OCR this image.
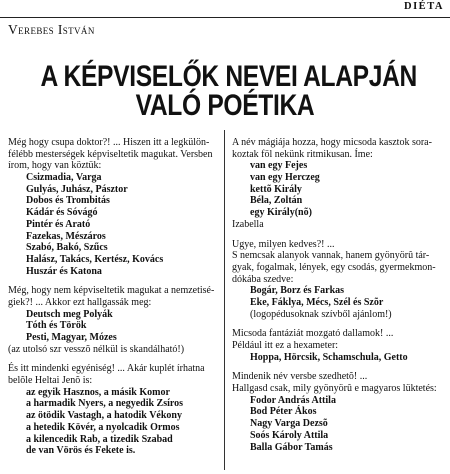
DIÉTA
Verebes István
A KÉPVISELŐK NEVEI ALAPJÁN
VALÓ POÉTIKA
Még hogy csupa doktor?! ... Hiszen itt a legkülön-
félébb mesterségek képviseltetik magukat. Versben
írom, hogy van köztük:
Csizmadia, Varga
Gulyás, Juhász, Pásztor
Dobos és Trombitás
Kádár és Sóvágó
Pintér és Arató
Fazekas, Mészáros
Szabó, Bakó, Szűcs
Halász, Takács, Kertész, Kovács
Huszár és Katona
Még, hogy nem képviseltetik magukat a nemzetisé-
giek?! ... Akkor ezt hallgassák meg:
Deutsch meg Polyák
Tóth és Török
Pesti, Magyar, Mózes
(az utolsó szr vesszõ nélkül is skandálható!)
És itt mindenki egyéniség! ... Akár kuplét írhatna
belõle Heltai Jenõ is:
az egyik Hasznos, a másik Komor
a harmadik Nyers, a negyedik Zsíros
az ötödik Vastagh, a hatodik Vékony
a hetedik Kövér, a nyolcadik Ormos
a kilencedik Rab, a tizedik Szabad
de van Vörös és Fekete is.
A név mágiája hozza, hogy micsoda kasztok sora-
koztak föl nekünk ritmikusan. Íme:
van egy Fejes
van egy Herczeg
kettõ Király
Béla, Zoltán
egy Király(nõ)
Izabella
Ugye, milyen kedves?! ...
S nemcsak alanyok vannak, hanem gyönyörû tár-
gyak, fogalmak, lények, egy csodás, gyermekmon-
dókába szedve:
Bogár, Borz és Farkas
Eke, Fáklya, Mécs, Szél és Szõr
(logopédusoknak szívből ajánlom!)
Micsoda fantáziát mozgató dallamok! ...
Például itt ez a hexameter:
Hoppa, Hörcsik, Schamschula, Getto
Mindenik név versbe szedhetõ! ...
Hallgasd csak, mily gyönyörû e magyaros lüktetés:
Fodor András Attila
Bod Péter Ákos
Nagy Varga Dezsõ
Soós Károly Attila
Balla Gábor Tamás
